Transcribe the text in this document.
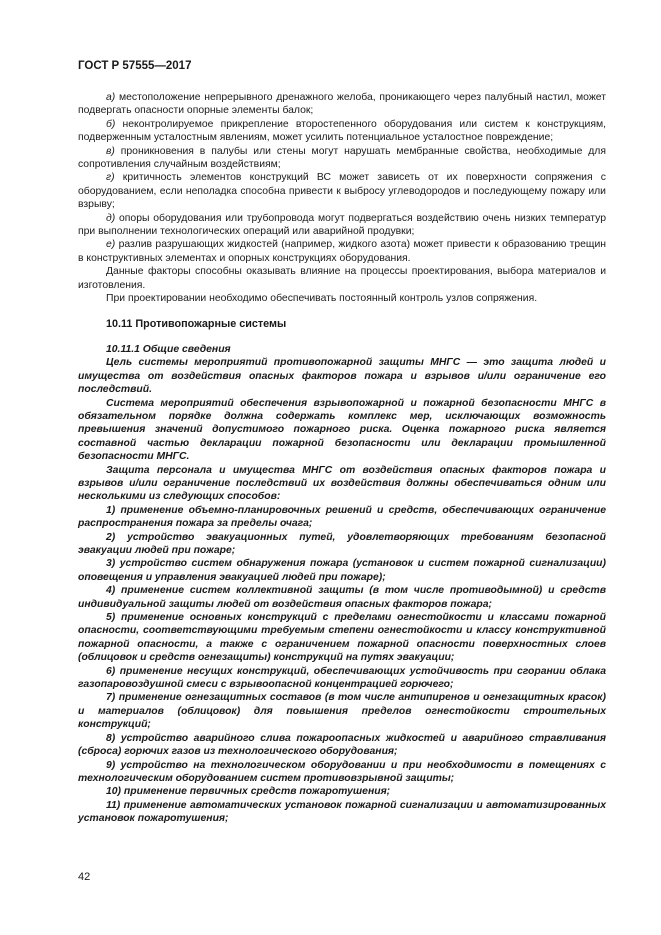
ГОСТ Р 57555—2017

а) местоположение непрерывного дренажного желоба, проникающего через палубный настил, может подвергать опасности опорные элементы балок;

б) неконтролируемое прикрепление второстепенного оборудования или систем к конструкциям, подверженным усталостным явлениям, может усилить потенциальное усталостное повреждение;

в) проникновения в палубы или стены могут нарушать мембранные свойства, необходимые для сопротивления случайным воздействиям;

г) критичность элементов конструкций ВС может зависеть от их поверхности сопряжения с оборудованием, если неполадка способна привести к выбросу углеводородов и последующему пожару или взрыву;

д) опоры оборудования или трубопровода могут подвергаться воздействию очень низких температур при выполнении технологических операций или аварийной продувки;

е) разлив разрушающих жидкостей (например, жидкого азота) может привести к образованию трещин в конструктивных элементах и опорных конструкциях оборудования.

Данные факторы способны оказывать влияние на процессы проектирования, выбора материалов и изготовления.

При проектировании необходимо обеспечивать постоянный контроль узлов сопряжения.

10.11 Противопожарные системы

10.11.1 Общие сведения

Цель системы мероприятий противопожарной защиты МНГС — это защита людей и имущества от воздействия опасных факторов пожара и взрывов и/или ограничение его последствий.

Система мероприятий обеспечения взрывопожарной и пожарной безопасности МНГС в обязательном порядке должна содержать комплекс мер, исключающих возможность превышения значений допустимого пожарного риска. Оценка пожарного риска является составной частью декларации пожарной безопасности или декларации промышленной безопасности МНГС.

Защита персонала и имущества МНГС от воздействия опасных факторов пожара и взрывов и/или ограничение последствий их воздействия должны обеспечиваться одним или несколькими из следующих способов:

1) применение объемно-планировочных решений и средств, обеспечивающих ограничение распространения пожара за пределы очага;

2) устройство эвакуационных путей, удовлетворяющих требованиям безопасной эвакуации людей при пожаре;

3) устройство систем обнаружения пожара (установок и систем пожарной сигнализации) оповещения и управления эвакуацией людей при пожаре);

4) применение систем коллективной защиты (в том числе противодымной) и средств индивидуальной защиты людей от воздействия опасных факторов пожара;

5) применение основных конструкций с пределами огнестойкости и классами пожарной опасности, соответствующими требуемым степени огнестойкости и классу конструктивной пожарной опасности, а также с ограничением пожарной опасности поверхностных слоев (облицовок и средств огнезащиты) конструкций на путях эвакуации;

6) применение несущих конструкций, обеспечивающих устойчивость при сгорании облака газопаровоздушной смеси с взрывоопасной концентрацией горючего;

7) применение огнезащитных составов (в том числе антипиренов и огнезащитных красок) и материалов (облицовок) для повышения пределов огнестойкости строительных конструкций;

8) устройство аварийного слива пожароопасных жидкостей и аварийного стравливания (сброса) горючих газов из технологического оборудования;

9) устройство на технологическом оборудовании и при необходимости в помещениях с технологическим оборудованием систем противовзрывной защиты;

10) применение первичных средств пожаротушения;

11) применение автоматических установок пожарной сигнализации и автоматизированных установок пожаротушения;

42
